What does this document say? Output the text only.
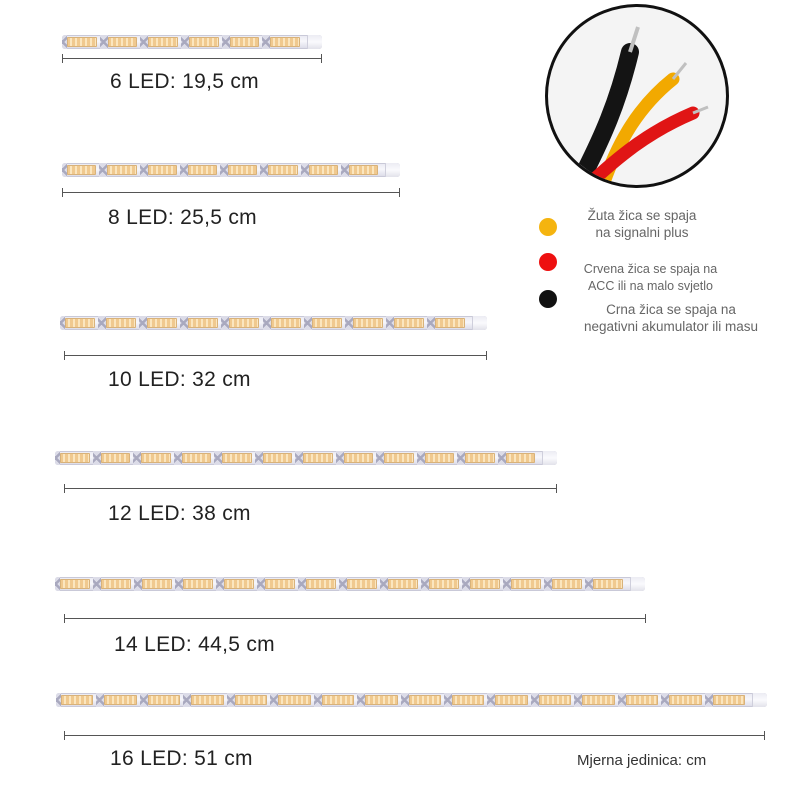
6 LED: 19,5 cm
8 LED: 25,5 cm
10 LED: 32 cm
12 LED: 38 cm
14 LED: 44,5 cm
16 LED: 51 cm
Žuta žica se spaja
na signalni plus
Crvena žica se spaja na
ACC ili na malo svjetlo
Crna žica se spaja na
negativni akumulator ili masu
Mjerna jedinica: cm
